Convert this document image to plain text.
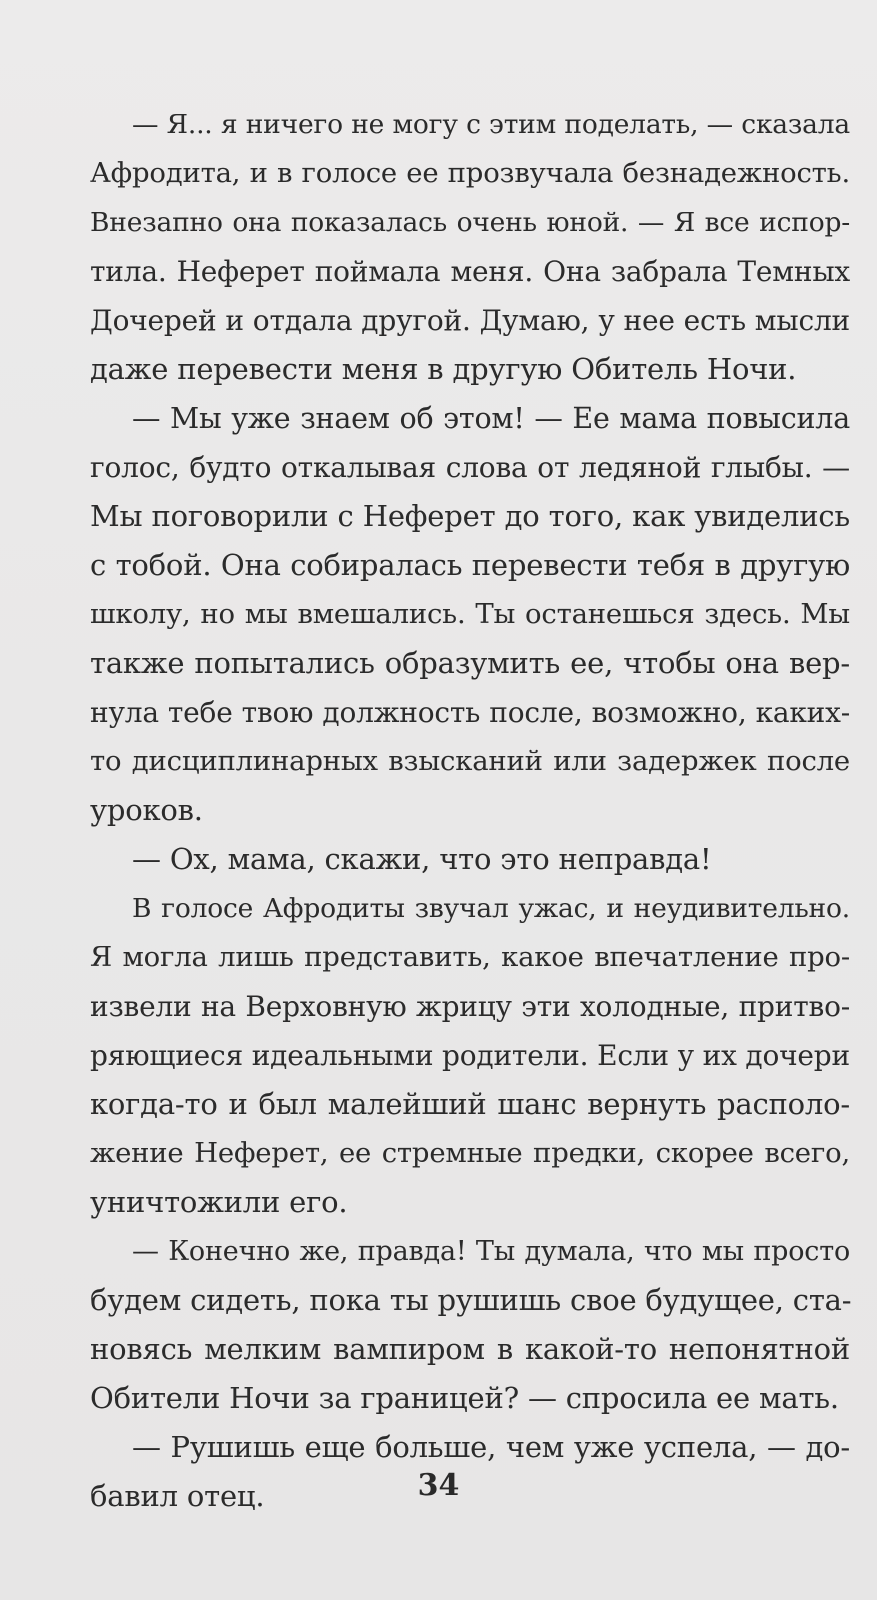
— Я... я ничего не могу с этим поделать, — сказала
Афродита, и в голосе ее прозвучала безнадежность.
Внезапно она показалась очень юной. — Я все испор-
тила. Неферет поймала меня. Она забрала Темных
Дочерей и отдала другой. Думаю, у нее есть мысли
даже перевести меня в другую Обитель Ночи.
— Мы уже знаем об этом! — Ее мама повысила
голос, будто откалывая слова от ледяной глыбы. —
Мы поговорили с Неферет до того, как увиделись
с тобой. Она собиралась перевести тебя в другую
школу, но мы вмешались. Ты останешься здесь. Мы
также попытались образумить ее, чтобы она вер-
нула тебе твою должность после, возможно, каких-
то дисциплинарных взысканий или задержек после
уроков.
— Ох, мама, скажи, что это неправда!
В голосе Афродиты звучал ужас, и неудивительно.
Я могла лишь представить, какое впечатление про-
извели на Верховную жрицу эти холодные, притво-
ряющиеся идеальными родители. Если у их дочери
когда-то и был малейший шанс вернуть располо-
жение Неферет, ее стремные предки, скорее всего,
уничтожили его.
— Конечно же, правда! Ты думала, что мы просто
будем сидеть, пока ты рушишь свое будущее, ста-
новясь мелким вампиром в какой-то непонятной
Обители Ночи за границей? — спросила ее мать.
— Рушишь еще больше, чем уже успела, — до-
бавил отец.	34
